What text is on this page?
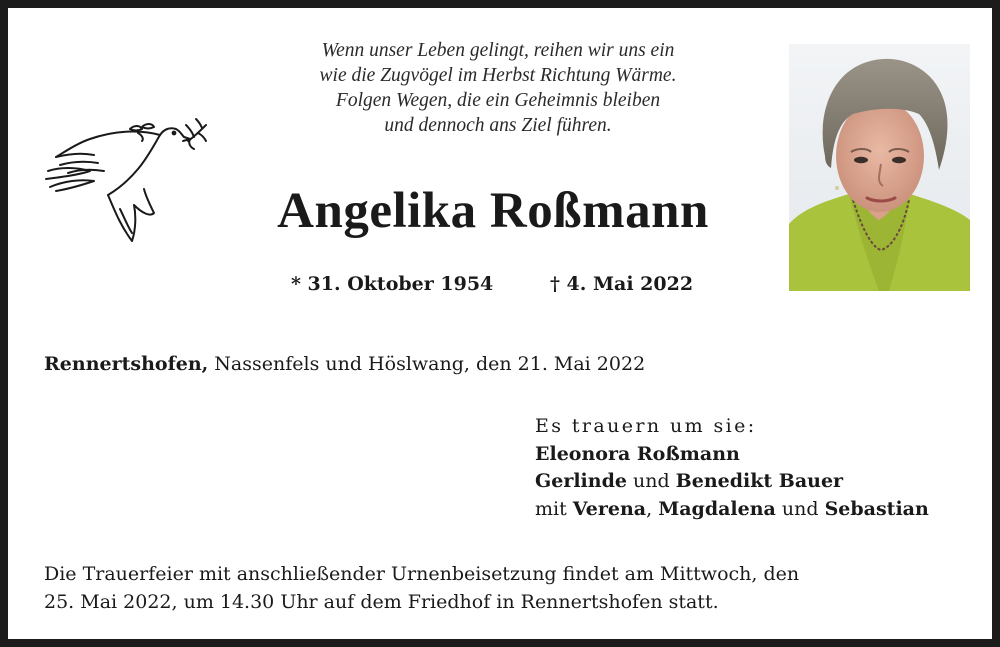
Wenn unser Leben gelingt, reihen wir uns ein
wie die Zugvögel im Herbst Richtung Wärme.
Folgen Wegen, die ein Geheimnis bleiben
und dennoch ans Ziel führen.
Angelika Roßmann
* 31. Oktober 1954	† 4. Mai 2022
Rennertshofen, Nassenfels und Höslwang, den 21. Mai 2022
Es trauern um sie:
Eleonora Roßmann
Gerlinde und Benedikt Bauer
mit Verena, Magdalena und Sebastian
Die Trauerfeier mit anschließender Urnenbeisetzung findet am Mittwoch, den
25. Mai 2022, um 14.30 Uhr auf dem Friedhof in Rennertshofen statt.
